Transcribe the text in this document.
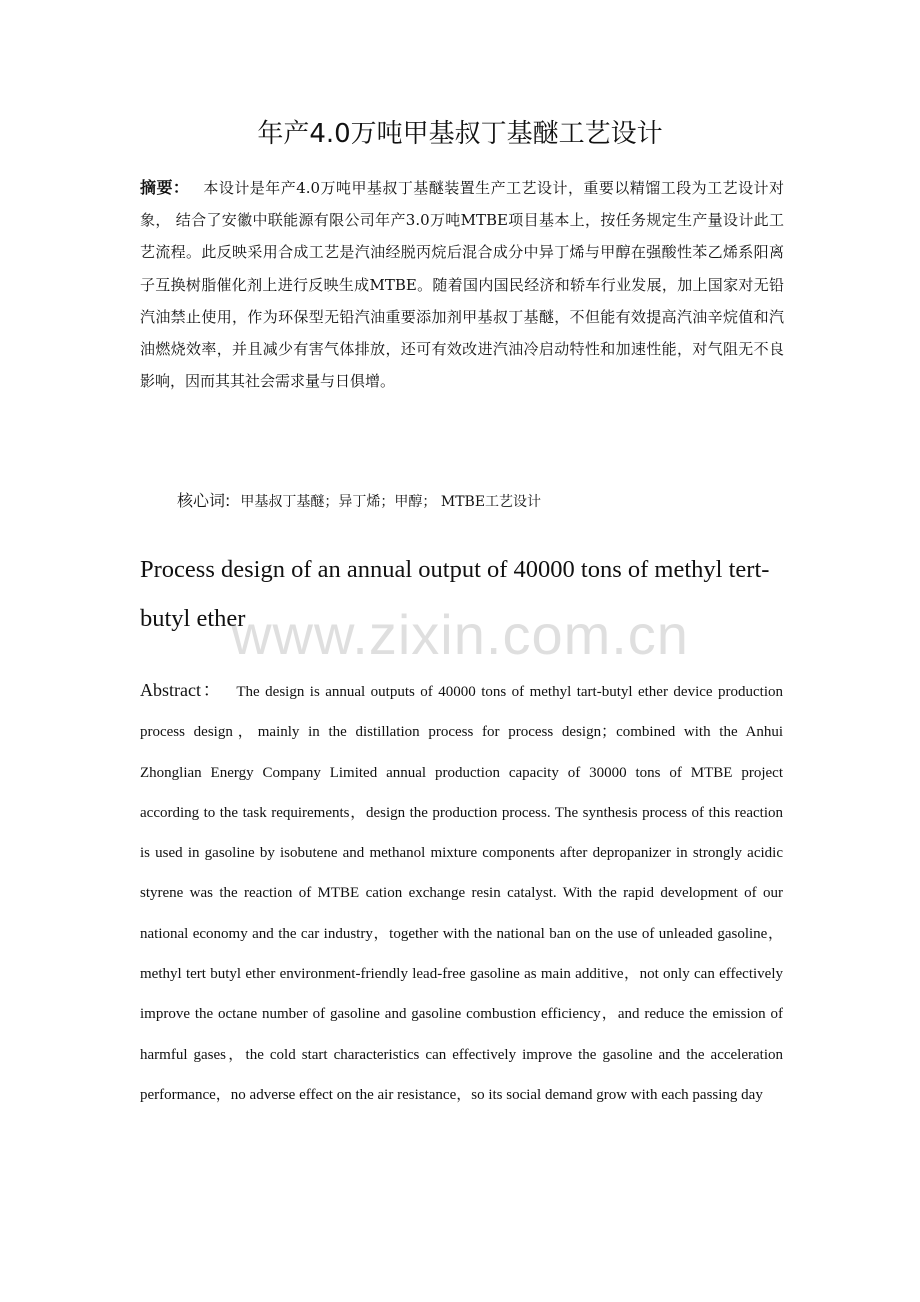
年产4.0万吨甲基叔丁基醚工艺设计
摘要： 本设计是年产4.0万吨甲基叔丁基醚装置生产工艺设计，重要以精馏工段为工艺设计对象， 结合了安徽中联能源有限公司年产3.0万吨MTBE项目基本上，按任务规定生产量设计此工艺流程。此反映采用合成工艺是汽油经脱丙烷后混合成分中异丁烯与甲醇在强酸性苯乙烯系阳离子互换树脂催化剂上进行反映生成MTBE。随着国内国民经济和轿车行业发展，加上国家对无铅汽油禁止使用，作为环保型无铅汽油重要添加剂甲基叔丁基醚，不但能有效提高汽油辛烷值和汽油燃烧效率，并且减少有害气体排放，还可有效改进汽油冷启动特性和加速性能，对气阻无不良影响，因而其其社会需求量与日俱增。
核心词: 甲基叔丁基醚；异丁烯；甲醇； MTBE工艺设计
Process design of an annual output of 40000 tons of methyl tert-butyl ether
Abstract： The design is annual outputs of 40000 tons of methyl tart-butyl ether device production process design，mainly in the distillation process for process design；combined with the Anhui Zhonglian Energy Company Limited annual production capacity of 30000 tons of MTBE project according to the task requirements，design the production process. The synthesis process of this reaction is used in gasoline by isobutene and methanol mixture components after depropanizer in strongly acidic styrene was the reaction of MTBE cation exchange resin catalyst. With the rapid development of our national economy and the car industry，together with the national ban on the use of unleaded gasoline，methyl tert butyl ether environment-friendly lead-free gasoline as main additive，not only can effectively improve the octane number of gasoline and gasoline combustion efficiency，and reduce the emission of harmful gases，the cold start characteristics can effectively improve the gasoline and the acceleration performance，no adverse effect on the air resistance，so its social demand grow with each passing day
www.zixin.com.cn
